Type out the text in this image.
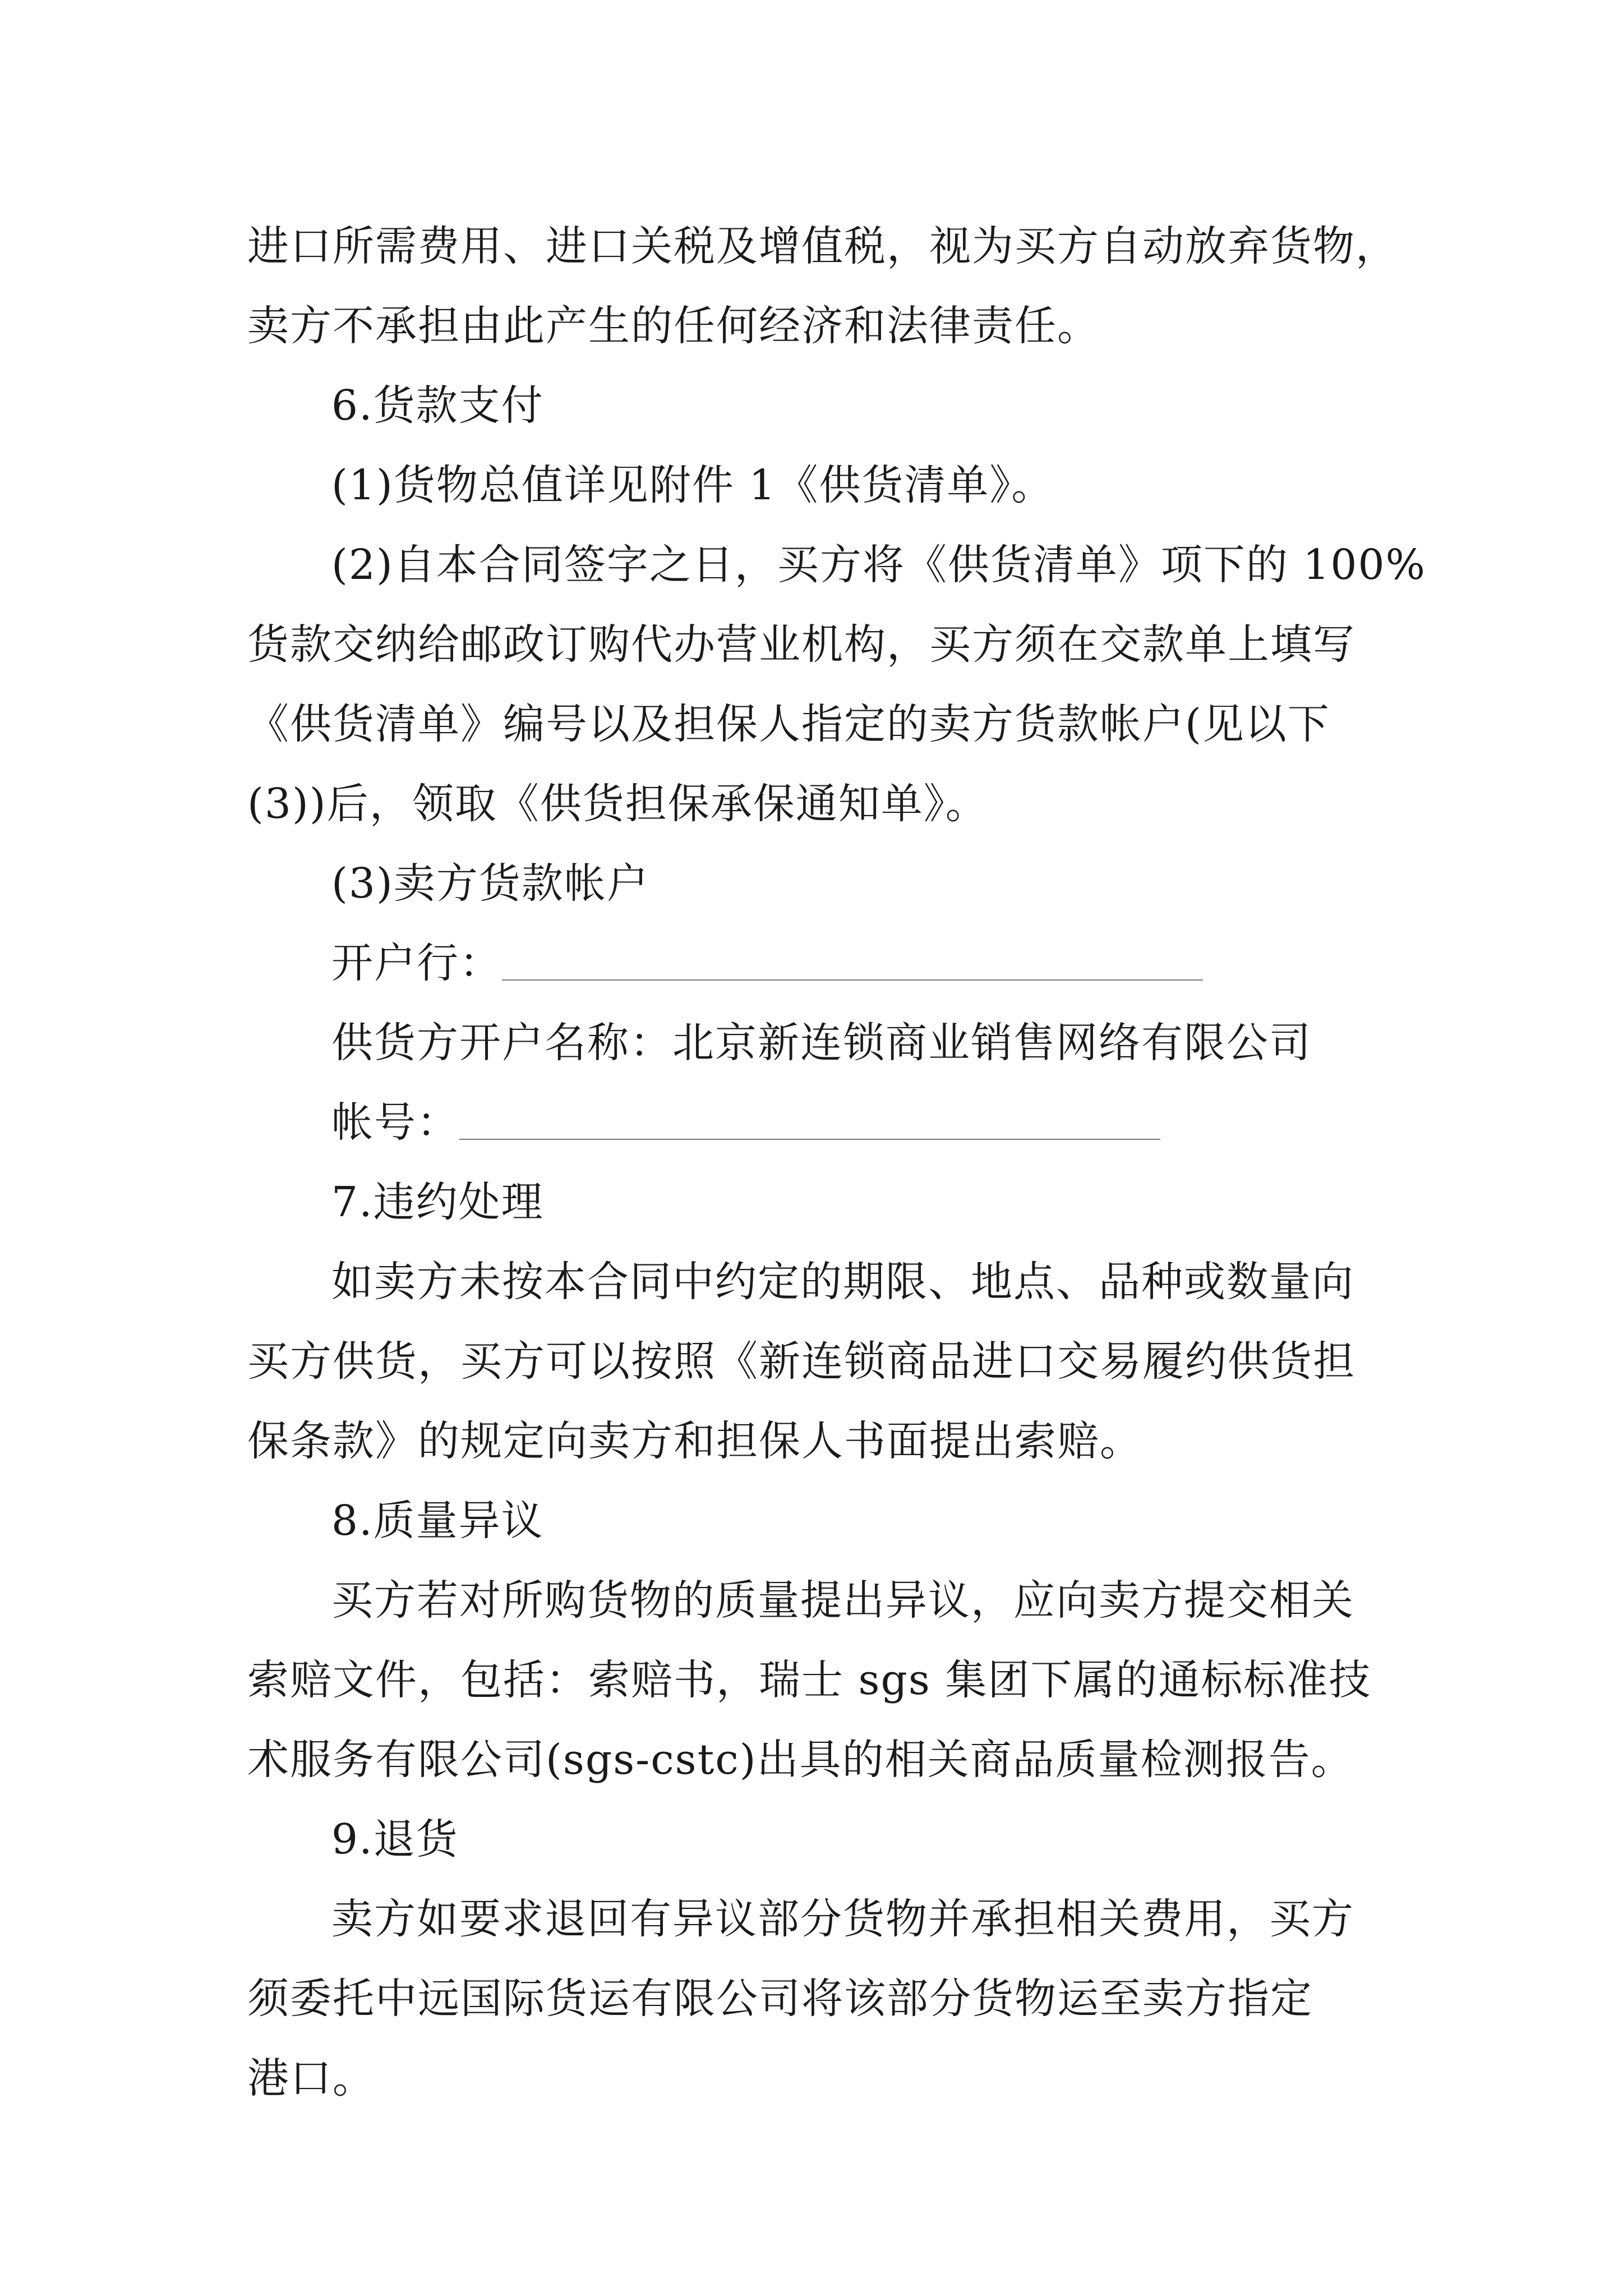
进口所需费用、进口关税及增值税，视为买方自动放弃货物，
卖方不承担由此产生的任何经济和法律责任。
6.货款支付
(1)货物总值详见附件 1《供货清单》。
(2)自本合同签字之日，买方将《供货清单》项下的 100%
货款交纳给邮政订购代办营业机构，买方须在交款单上填写
《供货清单》编号以及担保人指定的卖方货款帐户(见以下
(3))后，领取《供货担保承保通知单》。
(3)卖方货款帐户
开户行：
供货方开户名称：北京新连锁商业销售网络有限公司
帐号：
7.违约处理
如卖方未按本合同中约定的期限、地点、品种或数量向
买方供货，买方可以按照《新连锁商品进口交易履约供货担
保条款》的规定向卖方和担保人书面提出索赔。
8.质量异议
买方若对所购货物的质量提出异议，应向卖方提交相关
索赔文件，包括：索赔书，瑞士 sgs 集团下属的通标标准技
术服务有限公司(sgs-cstc)出具的相关商品质量检测报告。
9.退货
卖方如要求退回有异议部分货物并承担相关费用，买方
须委托中远国际货运有限公司将该部分货物运至卖方指定
港口。
